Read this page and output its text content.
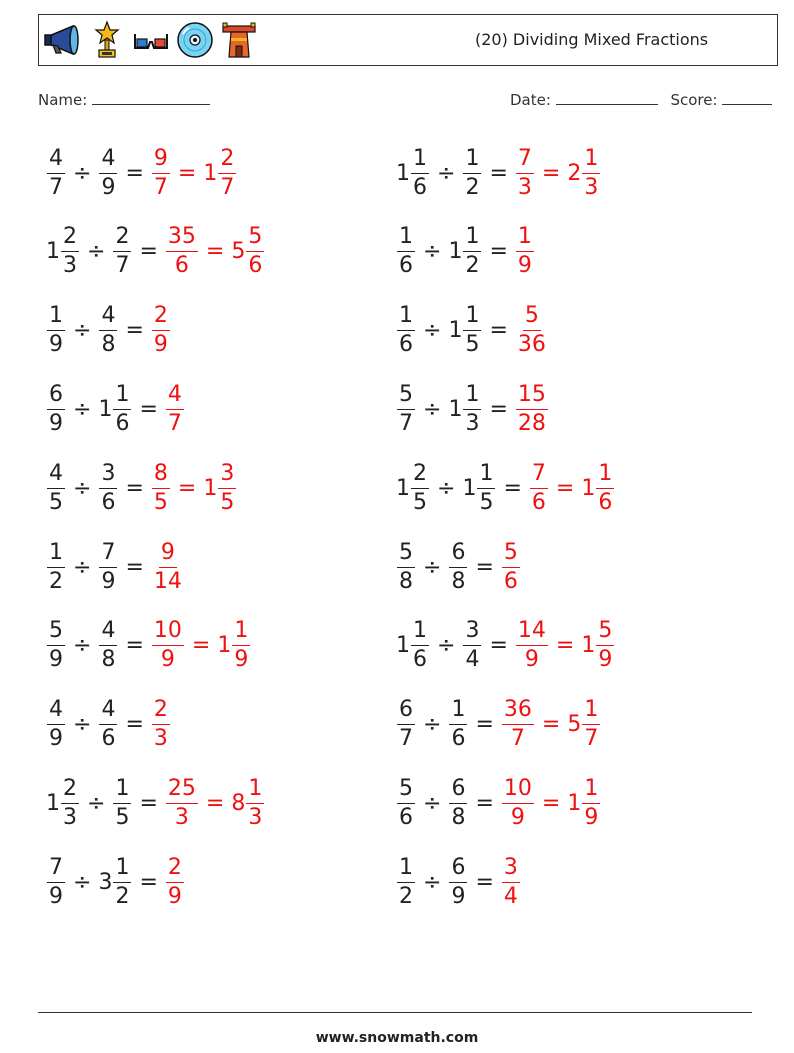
(20) Dividing Mixed Fractions
Name:	Date:	Score:
$\frac{4}{7} \div \frac{4}{9} = \frac{9}{7} = 1 \frac{2}{7}$	$1 \frac{1}{6} \div \frac{1}{2} = \frac{7}{3} = 2 \frac{1}{3}$
$1 \frac{2}{3} \div \frac{2}{7} = \frac{35}{6} = 5 \frac{5}{6}$	$\frac{1}{6} \div 1 \frac{1}{2} = \frac{1}{9}$
$\frac{1}{9} \div \frac{4}{8} = \frac{2}{9}$	$\frac{1}{6} \div 1 \frac{1}{5} = \frac{5}{36}$
$\frac{6}{9} \div 1 \frac{1}{6} = \frac{4}{7}$	$\frac{5}{7} \div 1 \frac{1}{3} = \frac{15}{28}$
$\frac{4}{5} \div \frac{3}{6} = \frac{8}{5} = 1 \frac{3}{5}$	$1 \frac{2}{5} \div 1 \frac{1}{5} = \frac{7}{6} = 1 \frac{1}{6}$
$\frac{1}{2} \div \frac{7}{9} = \frac{9}{14}$	$\frac{5}{8} \div \frac{6}{8} = \frac{5}{6}$
$\frac{5}{9} \div \frac{4}{8} = \frac{10}{9} = 1 \frac{1}{9}$	$1 \frac{1}{6} \div \frac{3}{4} = \frac{14}{9} = 1 \frac{5}{9}$
$\frac{4}{9} \div \frac{4}{6} = \frac{2}{3}$	$\frac{6}{7} \div \frac{1}{6} = \frac{36}{7} = 5 \frac{1}{7}$
$1 \frac{2}{3} \div \frac{1}{5} = \frac{25}{3} = 8 \frac{1}{3}$	$\frac{5}{6} \div \frac{6}{8} = \frac{10}{9} = 1 \frac{1}{9}$
$\frac{7}{9} \div 3 \frac{1}{2} = \frac{2}{9}$	$\frac{1}{2} \div \frac{6}{9} = \frac{3}{4}$
www.snowmath.com
